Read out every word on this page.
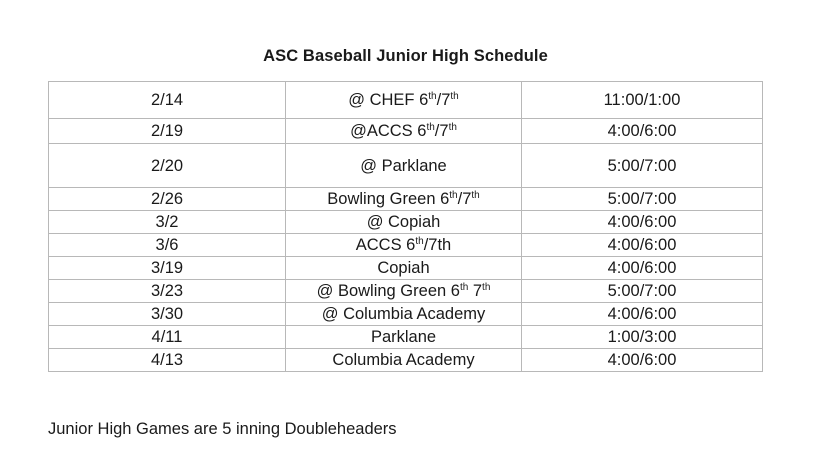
ASC Baseball Junior High Schedule
2/14	@ CHEF 6th/7th	11:00/1:00
2/19	@ACCS 6th/7th	4:00/6:00
2/20	@ Parklane	5:00/7:00
2/26	Bowling Green 6th/7th	5:00/7:00
3/2	@ Copiah	4:00/6:00
3/6	ACCS 6th/7th	4:00/6:00
3/19	Copiah	4:00/6:00
3/23	@ Bowling Green 6th 7th	5:00/7:00
3/30	@ Columbia Academy	4:00/6:00
4/11	Parklane	1:00/3:00
4/13	Columbia Academy	4:00/6:00
Junior High Games are 5 inning Doubleheaders
